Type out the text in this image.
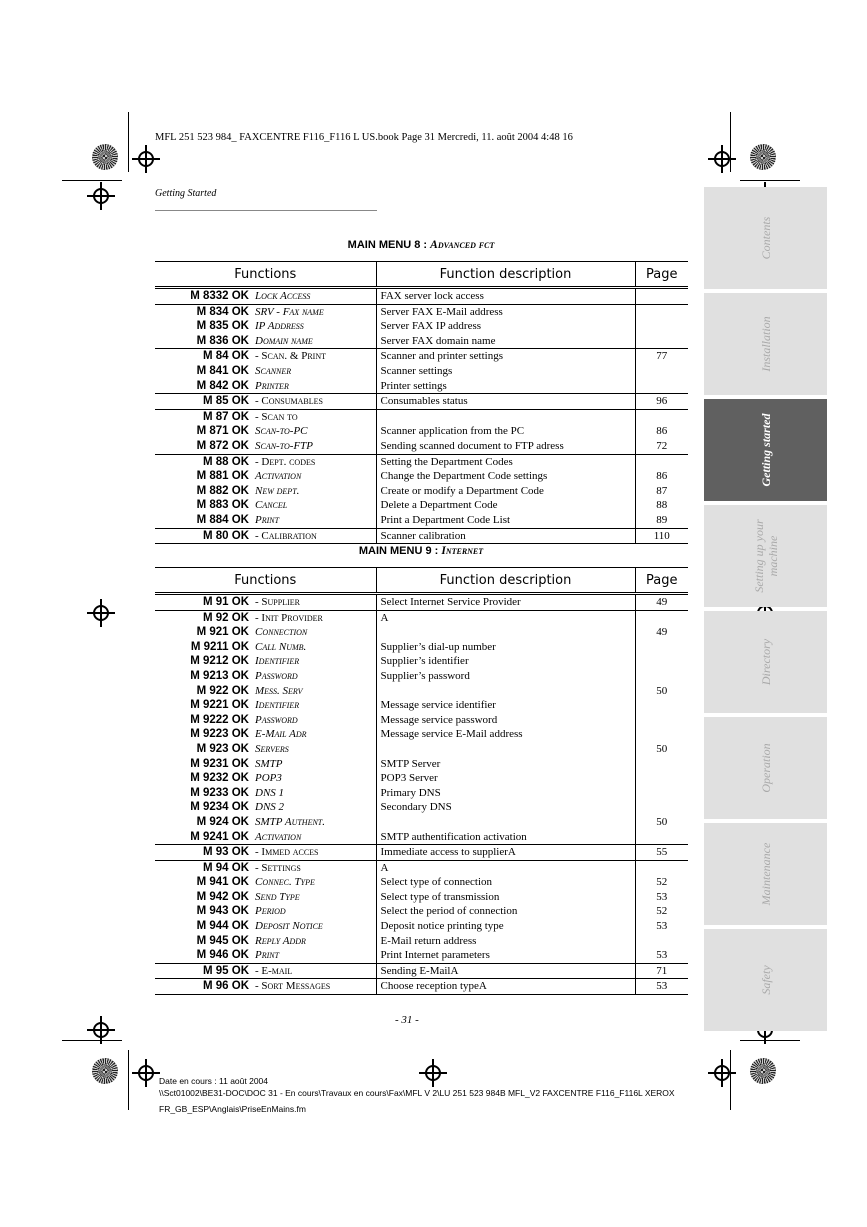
MFL 251 523 984_ FAXCENTRE F116_F116 L US.book Page 31 Mercredi, 11. août 2004 4:48 16
Getting Started
MAIN MENU 8 : Advanced fct
Functions		Function description	Page
M 8332 OK	Lock Access	FAX server lock access	
M 834 OK	SRV - Fax name	Server FAX E-Mail address	
M 835 OK	IP Address	Server FAX IP address	
M 836 OK	Domain name	Server FAX domain name	
M 84 OK	- Scan. & Print	Scanner and printer settings	77
M 841 OK	Scanner	Scanner settings	
M 842 OK	Printer	Printer settings	
M 85 OK	- Consumables	Consumables status	96
M 87 OK	- Scan to		
M 871 OK	Scan-to-PC	Scanner application from the PC	86
M 872 OK	Scan-to-FTP	Sending scanned document to FTP adress	72
M 88 OK	- Dept. codes	Setting the Department Codes	
M 881 OK	Activation	Change the Department Code settings	86
M 882 OK	New dept.	Create or modify a Department Code	87
M 883 OK	Cancel	Delete a Department Code	88
M 884 OK	Print	Print a Department Code List	89
M 80 OK	- Calibration	Scanner calibration	110
MAIN MENU 9 : Internet
Functions		Function description	Page
M 91 OK	- Supplier	Select Internet Service Provider	49
M 92 OK	- Init Provider	A	
M 921 OK	Connection		49
M 9211 OK	Call Numb.	Supplier’s dial-up number	
M 9212 OK	Identifier	Supplier’s identifier	
M 9213 OK	Password	Supplier’s password	
M 922 OK	Mess. Serv		50
M 9221 OK	Identifier	Message service identifier	
M 9222 OK	Password	Message service password	
M 9223 OK	E-Mail Adr	Message service E-Mail address	
M 923 OK	Servers		50
M 9231 OK	SMTP	SMTP Server	
M 9232 OK	POP3	POP3 Server	
M 9233 OK	DNS 1	Primary DNS	
M 9234 OK	DNS 2	Secondary DNS	
M 924 OK	SMTP Authent.		50
M 9241 OK	Activation	SMTP authentification activation	
M 93 OK	- Immed acces	Immediate access to supplierA	55
M 94 OK	- Settings	A	
M 941 OK	Connec. Type	Select type of connection	52
M 942 OK	Send Type	Select type of transmission	53
M 943 OK	Period	Select the period of connection	52
M 944 OK	Deposit Notice	Deposit notice printing type	53
M 945 OK	Reply Addr	E-Mail return address	
M 946 OK	Print	Print Internet parameters	53
M 95 OK	- E-mail	Sending E-MailA	71
M 96 OK	- Sort Messages	Choose reception typeA	53
- 31 -
Date en cours : 11 août 2004
\\Sct01002\BE31-DOC\DOC 31 - En cours\Travaux en cours\Fax\MFL V 2\LU 251 523 984B MFL_V2 FAXCENTRE F116_F116L XEROX
FR_GB_ESP\Anglais\PriseEnMains.fm
Contents
Installation
Getting started
Setting up your machine
Directory
Operation
Maintenance
Safety
